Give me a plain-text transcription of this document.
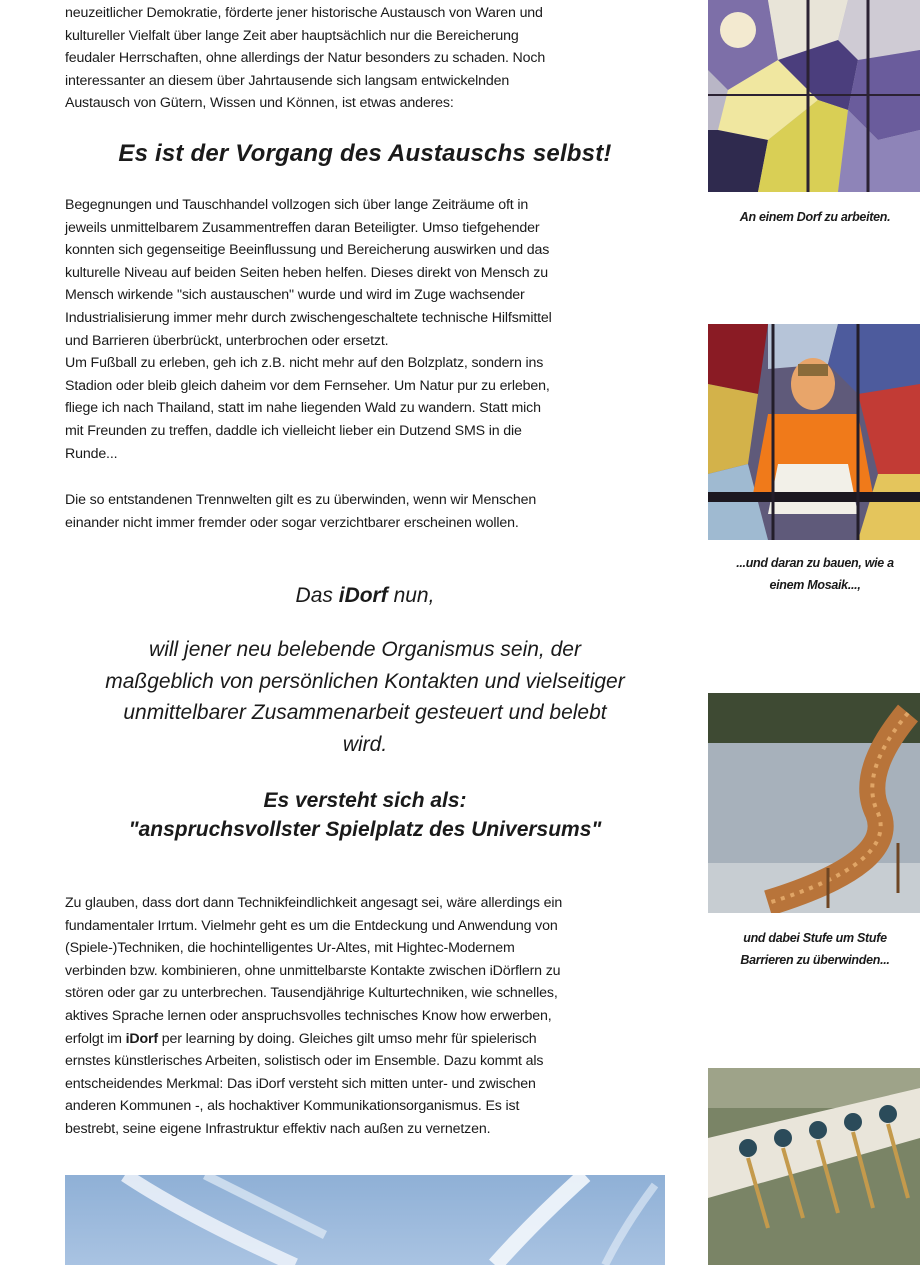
neuzeitlicher Demokratie, förderte jener historische Austausch von Waren und

kultureller Vielfalt über lange Zeit aber hauptsächlich nur die Bereicherung

feudaler Herrschaften, ohne allerdings der Natur besonders zu schaden. Noch

interessanter an diesem über Jahrtausende sich langsam entwickelnden

Austausch von Gütern, Wissen und Können, ist etwas anderes:

Es ist der Vorgang des Austauschs selbst!

Begegnungen und Tauschhandel vollzogen sich über lange Zeiträume oft in

jeweils unmittelbarem Zusammentreffen daran Beteiligter. Umso tiefgehender

konnten sich gegenseitige Beeinflussung und Bereicherung auswirken und das

kulturelle Niveau auf beiden Seiten heben helfen. Dieses direkt von Mensch zu

Mensch wirkende "sich austauschen" wurde und wird im Zuge wachsender

Industrialisierung immer mehr durch zwischengeschaltete technische Hilfsmittel

und Barrieren überbrückt, unterbrochen oder ersetzt.

Um Fußball zu erleben, geh ich z.B. nicht mehr auf den Bolzplatz, sondern ins

Stadion oder bleib gleich daheim vor dem Fernseher. Um Natur pur zu erleben,

fliege ich nach Thailand, statt im nahe liegenden Wald zu wandern. Statt mich

mit Freunden zu treffen, daddle ich vielleicht lieber ein Dutzend SMS in die

Runde...

Die so entstandenen Trennwelten gilt es zu überwinden, wenn wir Menschen

einander nicht immer fremder oder sogar verzichtbarer erscheinen wollen.

Das iDorf nun,
will jener neu belebende Organismus sein, der
maßgeblich von persönlichen Kontakten und vielseitiger
unmittelbarer Zusammenarbeit gesteuert und belebt
wird.
Es versteht sich als:
"anspruchsvollster Spielplatz des Universums"

Zu glauben, dass dort dann Technikfeindlichkeit angesagt sei, wäre allerdings ein

fundamentaler Irrtum. Vielmehr geht es um die Entdeckung und Anwendung von

(Spiele-)Techniken, die hochintelligentes Ur-Altes, mit Hightec-Modernem

verbinden bzw. kombinieren, ohne unmittelbarste Kontakte zwischen iDörflern zu

stören oder gar zu unterbrechen. Tausendjährige Kulturtechniken, wie schnelles,

aktives Sprache lernen oder anspruchsvolles technisches Know how erwerben,

erfolgt im iDorf per learning by doing. Gleiches gilt umso mehr für spielerisch

ernstes künstlerisches Arbeiten, solistisch oder im Ensemble. Dazu kommt als

entscheidendes Merkmal: Das iDorf versteht sich mitten unter- und zwischen

anderen Kommunen -, als hochaktiver Kommunikationsorganismus. Es ist

bestrebt, seine eigene Infrastruktur effektiv nach außen zu vernetzen.

An einem Dorf zu arbeiten.
...und daran zu bauen, wie a
einem Mosaik...,
und dabei Stufe um Stufe
Barrieren zu überwinden...
